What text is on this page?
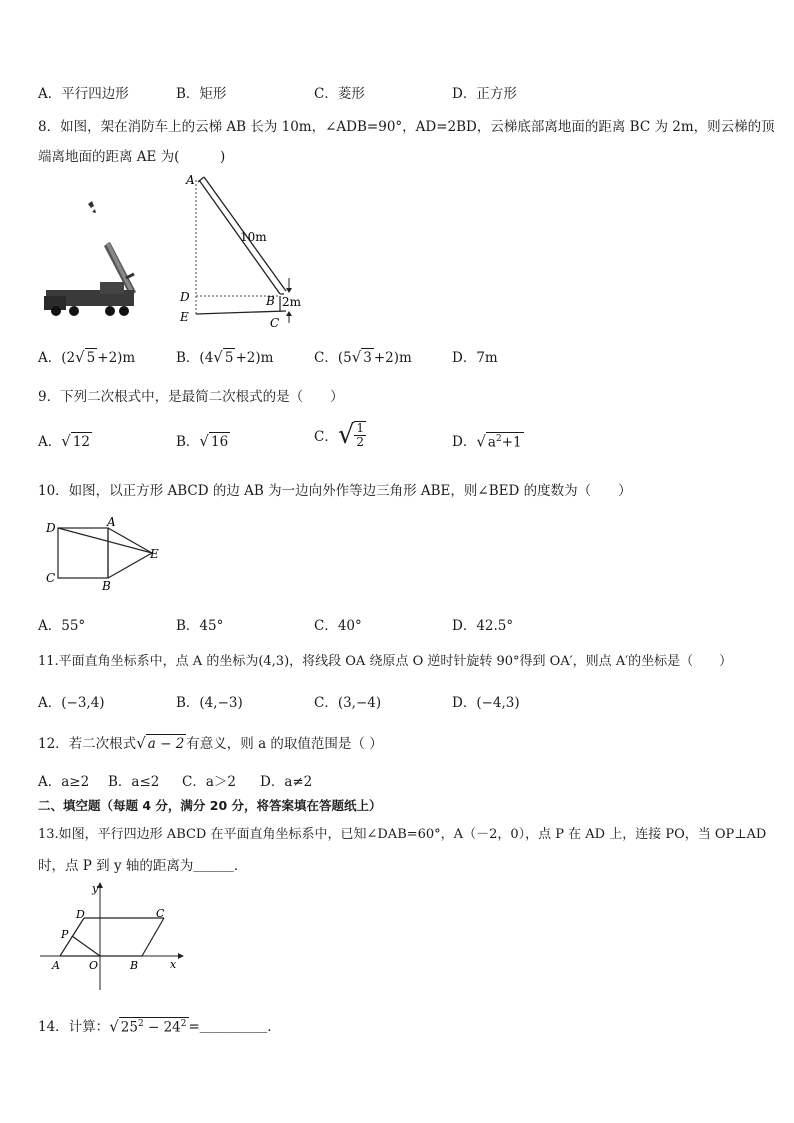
A．平行四边形	B．矩形	C．菱形	D．正方形
8．如图，架在消防车上的云梯 AB 长为 10m，∠ADB=90°，AD=2BD，云梯底部离地面的距离 BC 为 2m，则云梯的顶
端离地面的距离 AE 为(　　　)
A
D
E
B
C
10m
2m
A．(2√ 5 +2)m	B．(4√ 5 +2)m	C．(5√ 3 +2)m	D．7m
9．下列二次根式中，是最简二次根式的是（　　）
A．√ 12	B．√ 16	C．√ $\frac{1}{2}$	D．√ $a^2+1$
10．如图，以正方形 ABCD 的边 AB 为一边向外作等边三角形 ABE，则∠BED 的度数为（　　）
D	A
C
B
E
A．55°	B．45°	C．40°	D．42.5°
11.平面直角坐标系中，点 A 的坐标为(4,3)，将线段 OA 绕原点 O 逆时针旋转 90°得到 OA′，则点 A′的坐标是（　　）
A．(−3,4)	B．(4,−3)	C．(3,−4)	D．(−4,3)
12．若二次根式√ a − 2 有意义，则 a 的取值范围是（ ）
A．a≥2 B．a≤2 C．a＞2 D．a≠2
二、填空题（每题 4 分，满分 20 分，将答案填在答题纸上）
13.如图，平行四边形 ABCD 在平面直角坐标系中，已知∠DAB=60°，A（－2，0），点 P 在 AD 上，连接 PO，当 OP⊥AD
时，点 P 到 y 轴的距离为＿＿＿．
y
D	C
P
A	O	B	x
14．计算：√ $25^2 - 24^2$ =＿＿＿＿＿．
